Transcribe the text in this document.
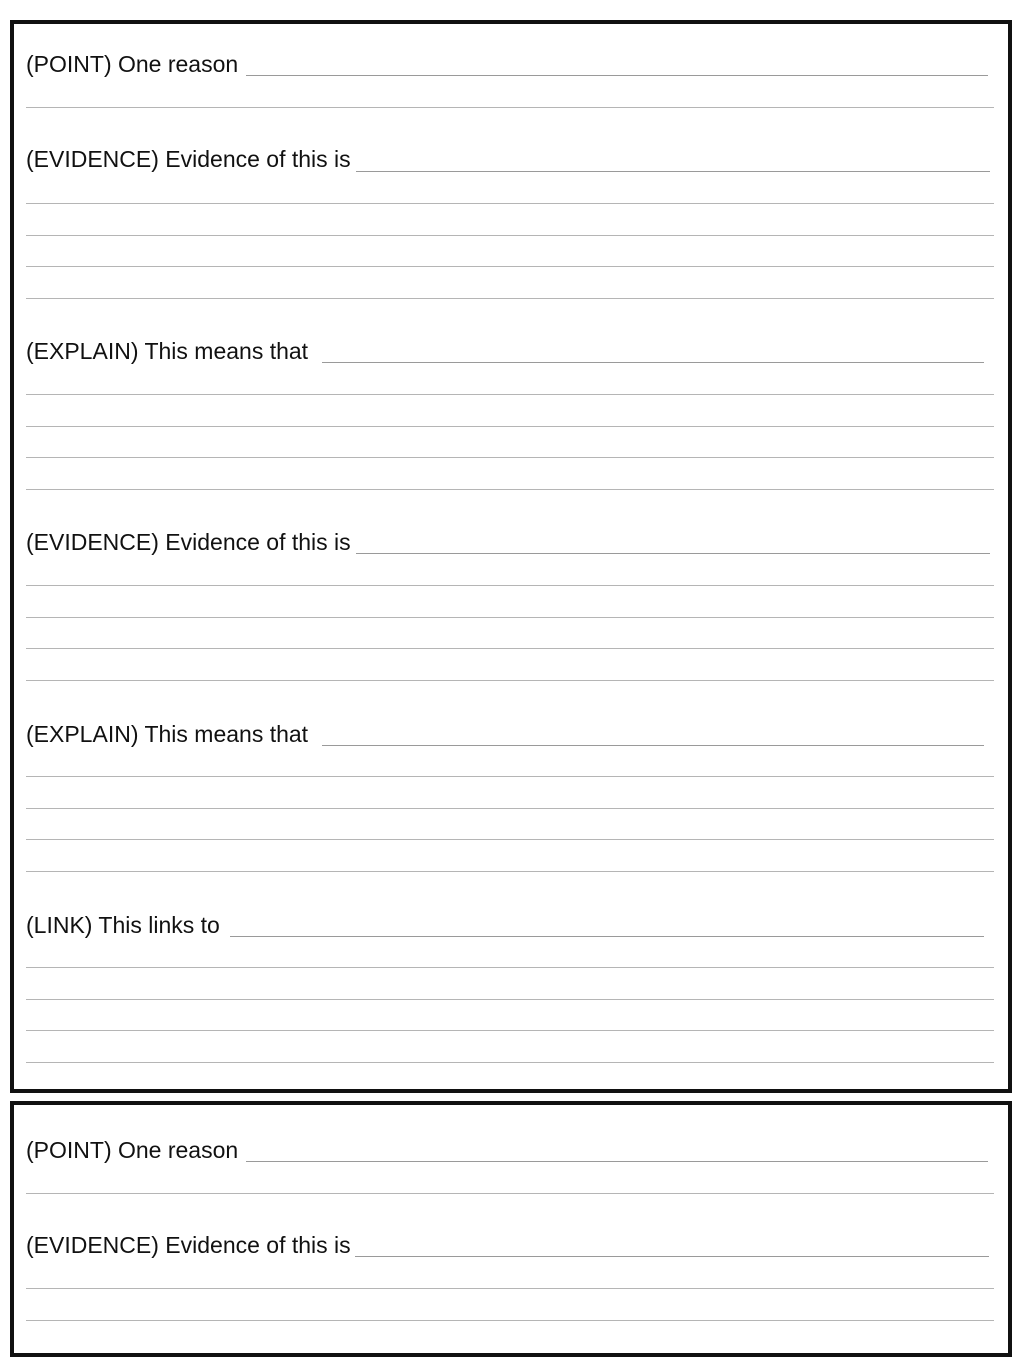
(POINT) One reason
(EVIDENCE) Evidence of this is
(EXPLAIN) This means that
(EVIDENCE) Evidence of this is
(EXPLAIN) This means that
(LINK) This links to
(POINT) One reason
(EVIDENCE) Evidence of this is
